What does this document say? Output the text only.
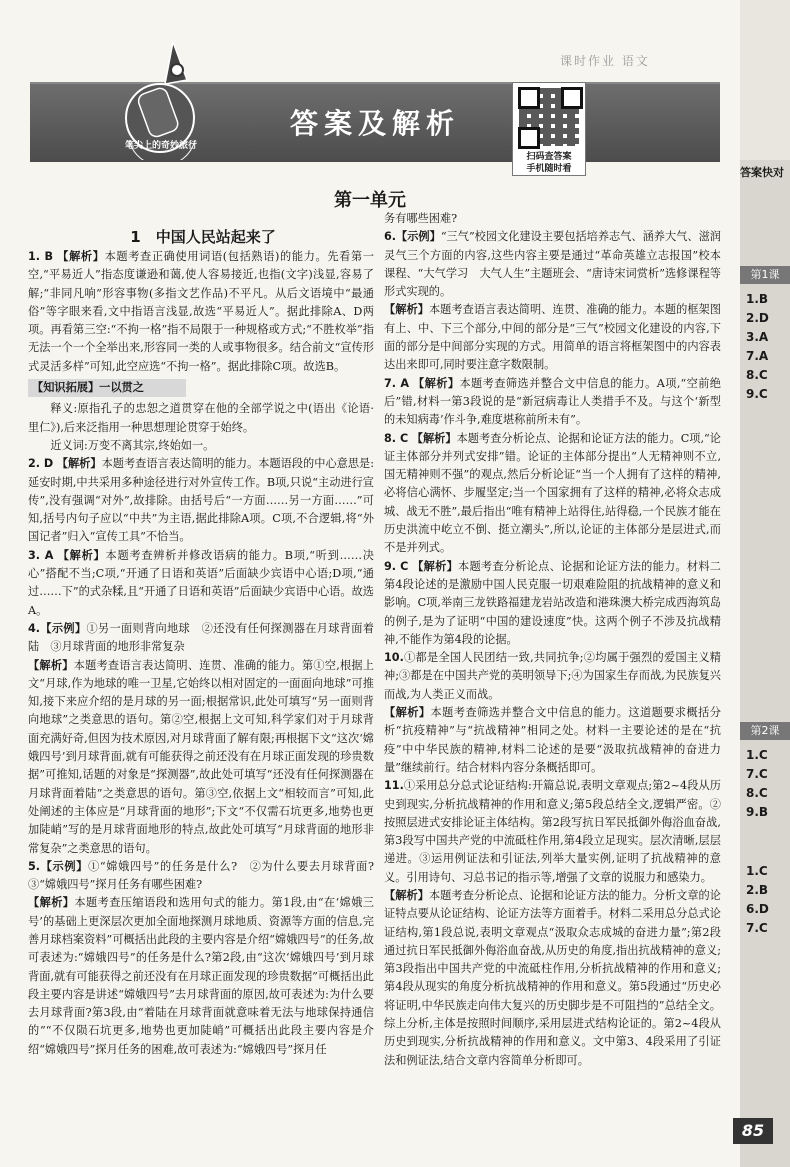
课时作业 语文
答案及解析
笔尖上的奇妙旅行
扫码查答案
手机随时看
第一单元
1　中国人民站起来了

1. B 【解析】本题考查正确使用词语(包括熟语)的能力。先看第一空,“平易近人”指态度谦逊和蔼,使人容易接近,也指(文字)浅显,容易了解;“非同凡响”形容事物(多指文艺作品)不平凡。从后文语境中“最通俗”等字眼来看,文中指语言浅显,故选“平易近人”。据此排除A、D两项。再看第三空:“不拘一格”指不局限于一种规格或方式;“不胜枚举”指无法一个一个全举出来,形容同一类的人或事物很多。结合前文“宣传形式灵活多样”可知,此空应选“不拘一格”。据此排除C项。故选B。

【知识拓展】一以贯之

释义:原指孔子的忠恕之道贯穿在他的全部学说之中(语出《论语·里仁》),后来泛指用一种思想理论贯穿于始终。

近义词:万变不离其宗,终始如一。

2. D 【解析】本题考查语言表达简明的能力。本题语段的中心意思是:延安时期,中共采用多种途径进行对外宣传工作。B项,只说“主动进行宣传”,没有强调“对外”,故排除。由括号后“一方面……另一方面……”可知,括号内句子应以“中共”为主语,据此排除A项。C项,不合逻辑,将“外国记者”归入“宣传工具”不恰当。

3. A 【解析】本题考查辨析并修改语病的能力。B项,“听到……决心”搭配不当;C项,“开通了日语和英语”后面缺少宾语中心语;D项,“通过……下”的式杂糅,且“开通了日语和英语”后面缺少宾语中心语。故选A。

4.【示例】①另一面则背向地球　②还没有任何探测器在月球背面着陆　③月球背面的地形非常复杂

【解析】本题考查语言表达简明、连贯、准确的能力。第①空,根据上文“月球,作为地球的唯一卫星,它始终以相对固定的一面面向地球”可推知,接下来应介绍的是月球的另一面;根据常识,此处可填写“另一面则背向地球”之类意思的语句。第②空,根据上文可知,科学家们对于月球背面充满好奇,但因为技术原因,对月球背面了解有限;再根据下文“这次‘嫦娥四号’到月球背面,就有可能获得之前还没有在月球正面发现的珍贵数据”可推知,话题的对象是“探测器”,故此处可填写“还没有任何探测器在月球背面着陆”之类意思的语句。第③空,依据上文“相较而言”可知,此处阐述的主体应是“月球背面的地形”;下文“不仅需石坑更多,地势也更加陡峭”写的是月球背面地形的特点,故此处可填写“月球背面的地形非常复杂”之类意思的语句。

5.【示例】①“嫦娥四号”的任务是什么?　②为什么要去月球背面?　③“嫦娥四号”探月任务有哪些困难?

【解析】本题考查压缩语段和选用句式的能力。第1段,由“在‘嫦娥三号’的基础上更深层次更加全面地探测月球地质、资源等方面的信息,完善月球档案资料”可概括出此段的主要内容是介绍“嫦娥四号”的任务,故可表述为:“嫦娥四号”的任务是什么?第2段,由“这次‘嫦娥四号’到月球背面,就有可能获得之前还没有在月球正面发现的珍贵数据”可概括出此段主要内容是讲述“嫦娥四号”去月球背面的原因,故可表述为:为什么要去月球背面?第3段,由“着陆在月球背面就意味着无法与地球保持通信的”“不仅陨石坑更多,地势也更加陡峭”可概括出此段主要内容是介绍“嫦娥四号”探月任务的困难,故可表述为:“嫦娥四号”探月任

务有哪些困难?

6.【示例】“三气”校园文化建设主要包括培养志气、涵养大气、滋润灵气三个方面的内容,这些内容主要是通过“革命英雄立志报国”校本课程、“大气学习　大气人生”主题班会、“唐诗宋词赏析”选修课程等形式实现的。

【解析】本题考查语言表达简明、连贯、准确的能力。本题的框架图有上、中、下三个部分,中间的部分是“三气”校园文化建设的内容,下面的部分是中间部分实现的方式。用简单的语言将框架图中的内容表达出来即可,同时要注意字数限制。

7. A 【解析】本题考查筛选并整合文中信息的能力。A项,“空前绝后”错,材料一第3段说的是“新冠病毒让人类措手不及。与这个‘新型的未知病毒’作斗争,难度堪称前所未有”。

8. C 【解析】本题考查分析论点、论据和论证方法的能力。C项,“论证主体部分并列式安排”错。论证的主体部分提出“人无精神则不立,国无精神则不强”的观点,然后分析论证“当一个人拥有了这样的精神,必将信心满怀、步履坚定;当一个国家拥有了这样的精神,必将众志成城、战无不胜”,最后指出“唯有精神上站得住,站得稳,一个民族才能在历史洪流中屹立不倒、挺立潮头”,所以,论证的主体部分是层进式,而不是并列式。

9. C 【解析】本题考查分析论点、论据和论证方法的能力。材料二第4段论述的是激励中国人民克服一切艰难险阻的抗战精神的意义和影响。C项,举南三龙铁路福建龙岩站改造和港珠澳大桥完成西海筑岛的例子,是为了证明“中国的建设速度”快。这两个例子不涉及抗战精神,不能作为第4段的论据。

10.①都是全国人民团结一致,共同抗争;②均属于强烈的爱国主义精神;③都是在中国共产党的英明领导下;④为国家生存而战,为民族复兴而战,为人类正义而战。

【解析】本题考查筛选并整合文中信息的能力。这道题要求概括分析“抗疫精神”与“抗战精神”相同之处。材料一主要论述的是在“抗疫”中中华民族的精神,材料二论述的是要“汲取抗战精神的奋进力量”继续前行。结合材料内容分条概括即可。

11.①采用总分总式论证结构:开篇总说,表明文章观点;第2~4段从历史到现实,分析抗战精神的作用和意义;第5段总结全文,逻辑严密。②按照层进式安排论证主体结构。第2段写抗日军民抵御外侮浴血奋战,第3段写中国共产党的中流砥柱作用,第4段立足现实。层次清晰,层层递进。③运用例证法和引证法,列举大量实例,证明了抗战精神的意义。引用诗句、习总书记的指示等,增强了文章的说服力和感染力。

【解析】本题考查分析论点、论据和论证方法的能力。分析文章的论证特点要从论证结构、论证方法等方面着手。材料二采用总分总式论证结构,第1段总说,表明文章观点“汲取众志成城的奋进力量”;第2段通过抗日军民抵御外侮浴血奋战,从历史的角度,指出抗战精神的意义;第3段指出中国共产党的中流砥柱作用,分析抗战精神的作用和意义;第4段从现实的角度分析抗战精神的作用和意义。第5段通过“历史必将证明,中华民族走向伟大复兴的历史脚步是不可阻挡的”总结全文。综上分析,主体是按照时间顺序,采用层进式结构论证的。第2~4段从历史到现实,分析抗战精神的作用和意义。文中第3、4段采用了引证法和例证法,结合文章内容简单分析即可。

答案快对
第1课
1.B
2.D
3.A
7.A
8.C
9.C
第2课
1.C
7.C
8.C
9.B
1.C
2.B
6.D
7.C
85
